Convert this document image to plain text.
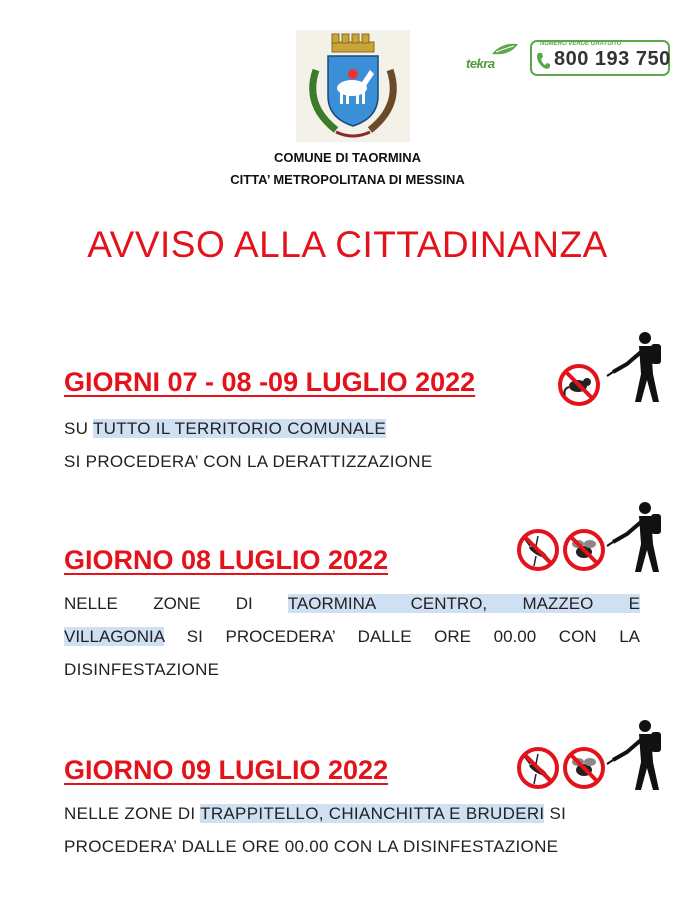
tekra
NUMERO VERDE GRATUITO
800 193 750
COMUNE DI TAORMINA
CITTA’ METROPOLITANA DI MESSINA
AVVISO ALLA CITTADINANZA
GIORNI 07 - 08 -09 LUGLIO 2022
SU TUTTO IL TERRITORIO COMUNALE
SI PROCEDERA’ CON LA DERATTIZZAZIONE
GIORNO 08 LUGLIO 2022
NELLE ZONE DI TAORMINA CENTRO, MAZZEO E
VILLAGONIA SI PROCEDERA’ DALLE ORE 00.00 CON LA
DISINFESTAZIONE
GIORNO 09 LUGLIO 2022
NELLE ZONE DI TRAPPITELLO, CHIANCHITTA E BRUDERI SI
PROCEDERA’ DALLE ORE 00.00 CON LA DISINFESTAZIONE
